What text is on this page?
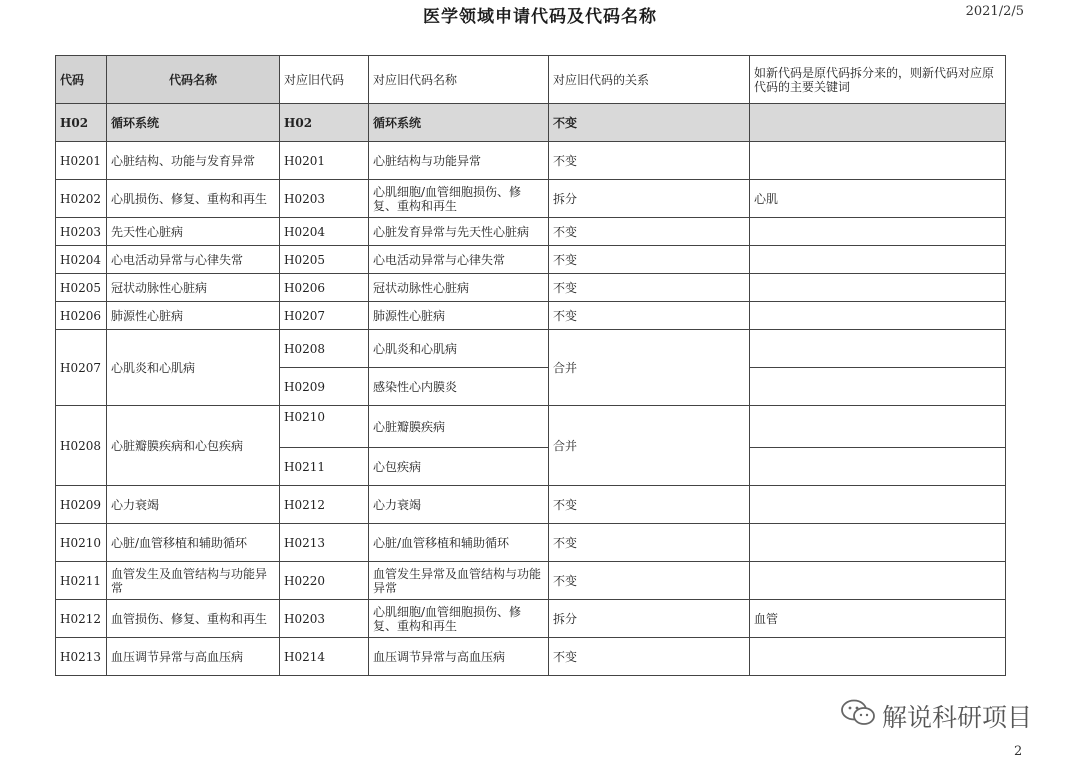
医学领域申请代码及代码名称	2021/2/5
代码	代码名称	对应旧代码	对应旧代码名称	对应旧代码的关系	如新代码是原代码拆分来的，则新代码对应原代码的主要关键词
H02	循环系统	H02	循环系统	不变	
H0201	心脏结构、功能与发育异常	H0201	心脏结构与功能异常	不变	
H0202	心肌损伤、修复、重构和再生	H0203	心肌细胞/血管细胞损伤、修复、重构和再生	拆分	心肌
H0203	先天性心脏病	H0204	心脏发育异常与先天性心脏病	不变	
H0204	心电活动异常与心律失常	H0205	心电活动异常与心律失常	不变	
H0205	冠状动脉性心脏病	H0206	冠状动脉性心脏病	不变	
H0206	肺源性心脏病	H0207	肺源性心脏病	不变	
H0207	心肌炎和心肌病	H0208	心肌炎和心肌病	合并	
		H0209	感染性心内膜炎		
H0208	心脏瓣膜疾病和心包疾病	H0210	心脏瓣膜疾病	合并	
		H0211	心包疾病		
H0209	心力衰竭	H0212	心力衰竭	不变	
H0210	心脏/血管移植和辅助循环	H0213	心脏/血管移植和辅助循环	不变	
H0211	血管发生及血管结构与功能异常	H0220	血管发生异常及血管结构与功能异常	不变	
H0212	血管损伤、修复、重构和再生	H0203	心肌细胞/血管细胞损伤、修复、重构和再生	拆分	血管
H0213	血压调节异常与高血压病	H0214	血压调节异常与高血压病	不变	
解说科研项目
2
